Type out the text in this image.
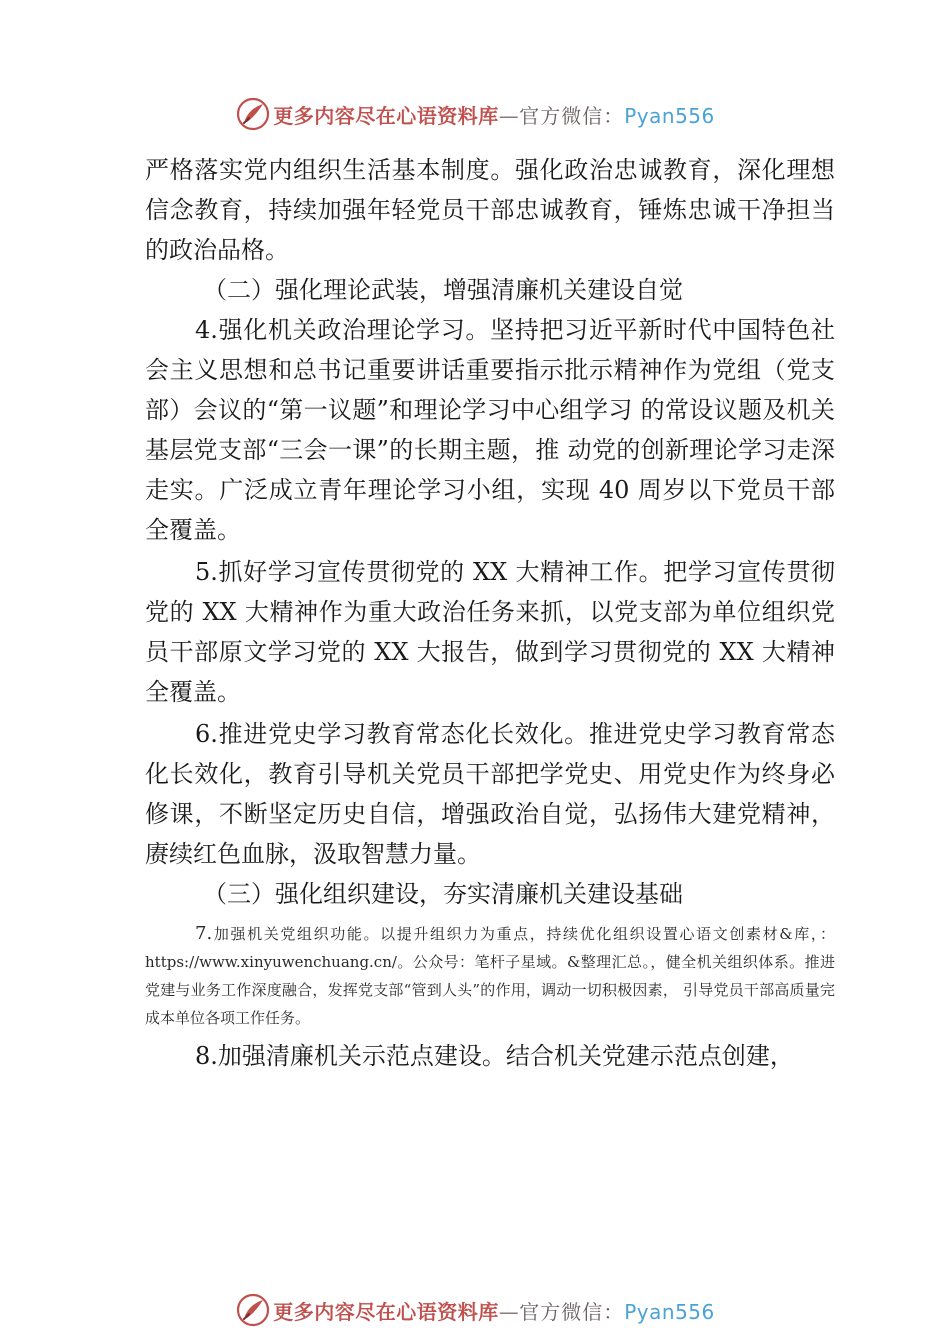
更多内容尽在心语资料库—官方微信：Pyan556

严格落实党内组织生活基本制度。强化政治忠诚教育，深化理想信念教育，持续加强年轻党员干部忠诚教育，锤炼忠诚干净担当的政治品格。

（二）强化理论武装，增强清廉机关建设自觉

4.强化机关政治理论学习。坚持把习近平新时代中国特色社会主义思想和总书记重要讲话重要指示批示精神作为党组（党支部）会议的“第一议题”和理论学习中心组学习 的常设议题及机关基层党支部“三会一课”的长期主题，推 动党的创新理论学习走深走实。广泛成立青年理论学习小组，实现 40 周岁以下党员干部全覆盖。

5.抓好学习宣传贯彻党的 XX 大精神工作。把学习宣传贯彻党的 XX 大精神作为重大政治任务来抓，以党支部为单位组织党员干部原文学习党的 XX 大报告，做到学习贯彻党的 XX 大精神全覆盖。

6.推进党史学习教育常态化长效化。推进党史学习教育常态化长效化，教育引导机关党员干部把学党史、用党史作为终身必修课，不断坚定历史自信，增强政治自觉，弘扬伟大建党精神，赓续红色血脉，汲取智慧力量。

（三）强化组织建设，夯实清廉机关建设基础

7.加强机关党组织功能。以提升组织力为重点，持续优化组织设置心语文创素材&库，：https://www.xinyuwenchuang.cn/。公众号：笔杆子星域。&整理汇总。，健全机关组织体系。推进党建与业务工作深度融合，发挥党支部“管到人头”的作用，调动一切积极因素， 引导党员干部高质量完成本单位各项工作任务。

8.加强清廉机关示范点建设。结合机关党建示范点创建，

更多内容尽在心语资料库—官方微信：Pyan556
